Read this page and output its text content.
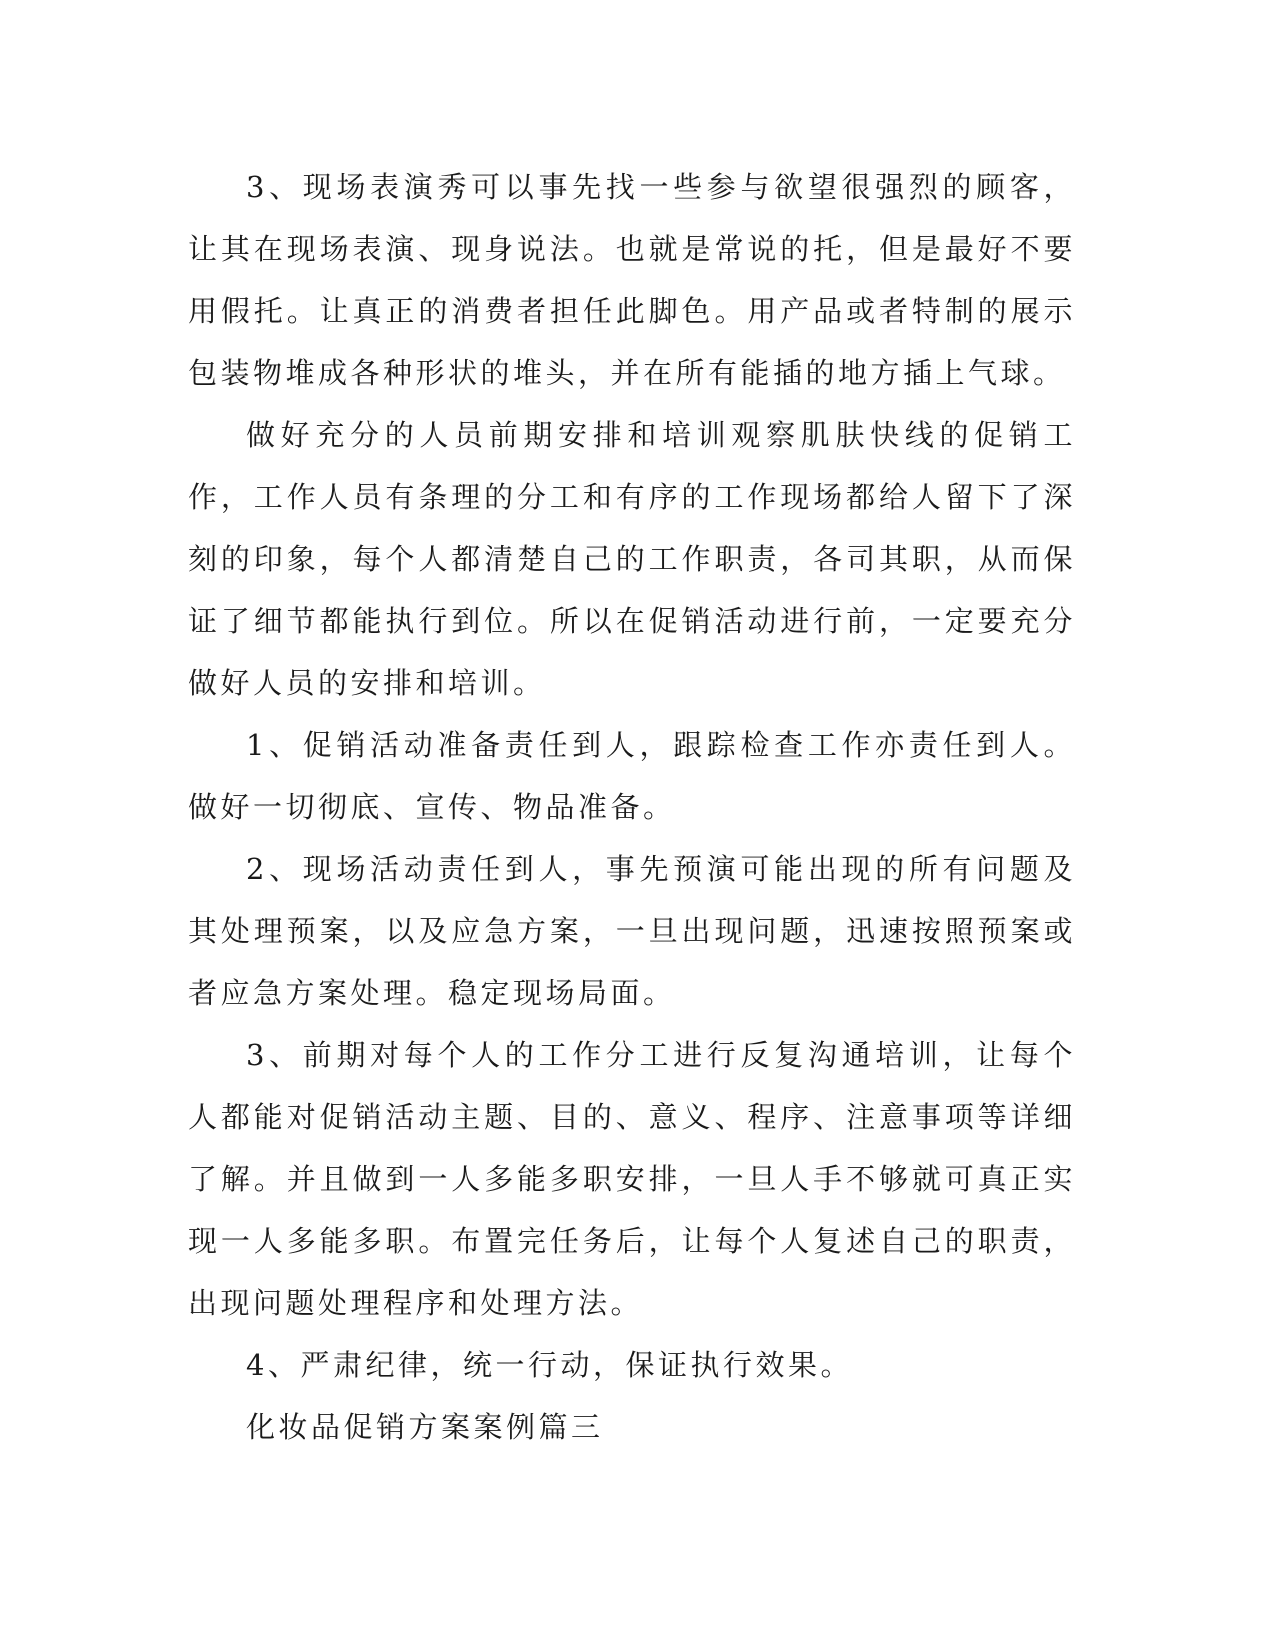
3、现场表演秀可以事先找一些参与欲望很强烈的顾客，让其在现场表演、现身说法。也就是常说的托，但是最好不要用假托。让真正的消费者担任此脚色。用产品或者特制的展示包装物堆成各种形状的堆头，并在所有能插的地方插上气球。

做好充分的人员前期安排和培训观察肌肤快线的促销工作，工作人员有条理的分工和有序的工作现场都给人留下了深刻的印象，每个人都清楚自己的工作职责，各司其职，从而保证了细节都能执行到位。所以在促销活动进行前，一定要充分做好人员的安排和培训。

1、促销活动准备责任到人，跟踪检查工作亦责任到人。做好一切彻底、宣传、物品准备。

2、现场活动责任到人，事先预演可能出现的所有问题及其处理预案，以及应急方案，一旦出现问题，迅速按照预案或者应急方案处理。稳定现场局面。

3、前期对每个人的工作分工进行反复沟通培训，让每个人都能对促销活动主题、目的、意义、程序、注意事项等详细了解。并且做到一人多能多职安排，一旦人手不够就可真正实现一人多能多职。布置完任务后，让每个人复述自己的职责，出现问题处理程序和处理方法。

4、严肃纪律，统一行动，保证执行效果。

化妆品促销方案案例篇三
